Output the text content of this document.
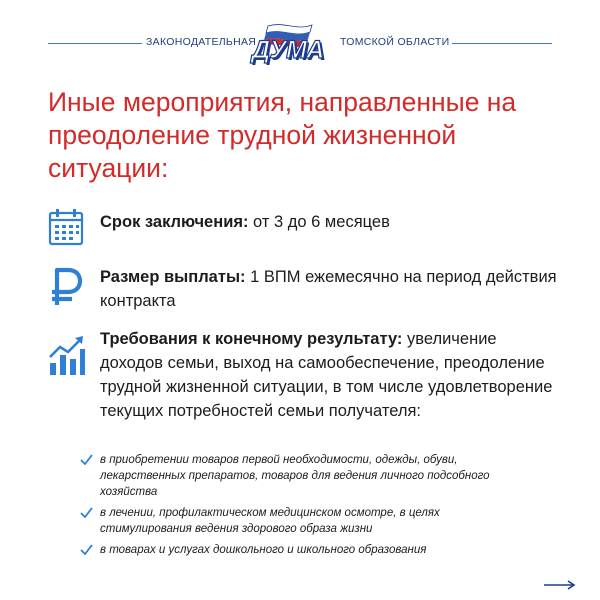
ЗАКОНОДАТЕЛЬНАЯ
ДУМА ТОМСКОЙ ОБЛАСТИ
Иные мероприятия, направленные на преодоление трудной жизненной ситуации:
Срок заключения: от 3 до 6 месяцев
Размер выплаты: 1 ВПМ ежемесячно на период действия контракта
Требования к конечному результату: увеличение доходов семьи, выход на самообеспечение, преодоление трудной жизненной ситуации, в том числе удовлетворение текущих потребностей семьи получателя:
в приобретении товаров первой необходимости, одежды, обуви, лекарственных препаратов, товаров для ведения личного подсобного хозяйства
в лечении, профилактическом медицинском осмотре, в целях стимулирования ведения здорового образа жизни
в товарах и услугах дошкольного и школьного образования
